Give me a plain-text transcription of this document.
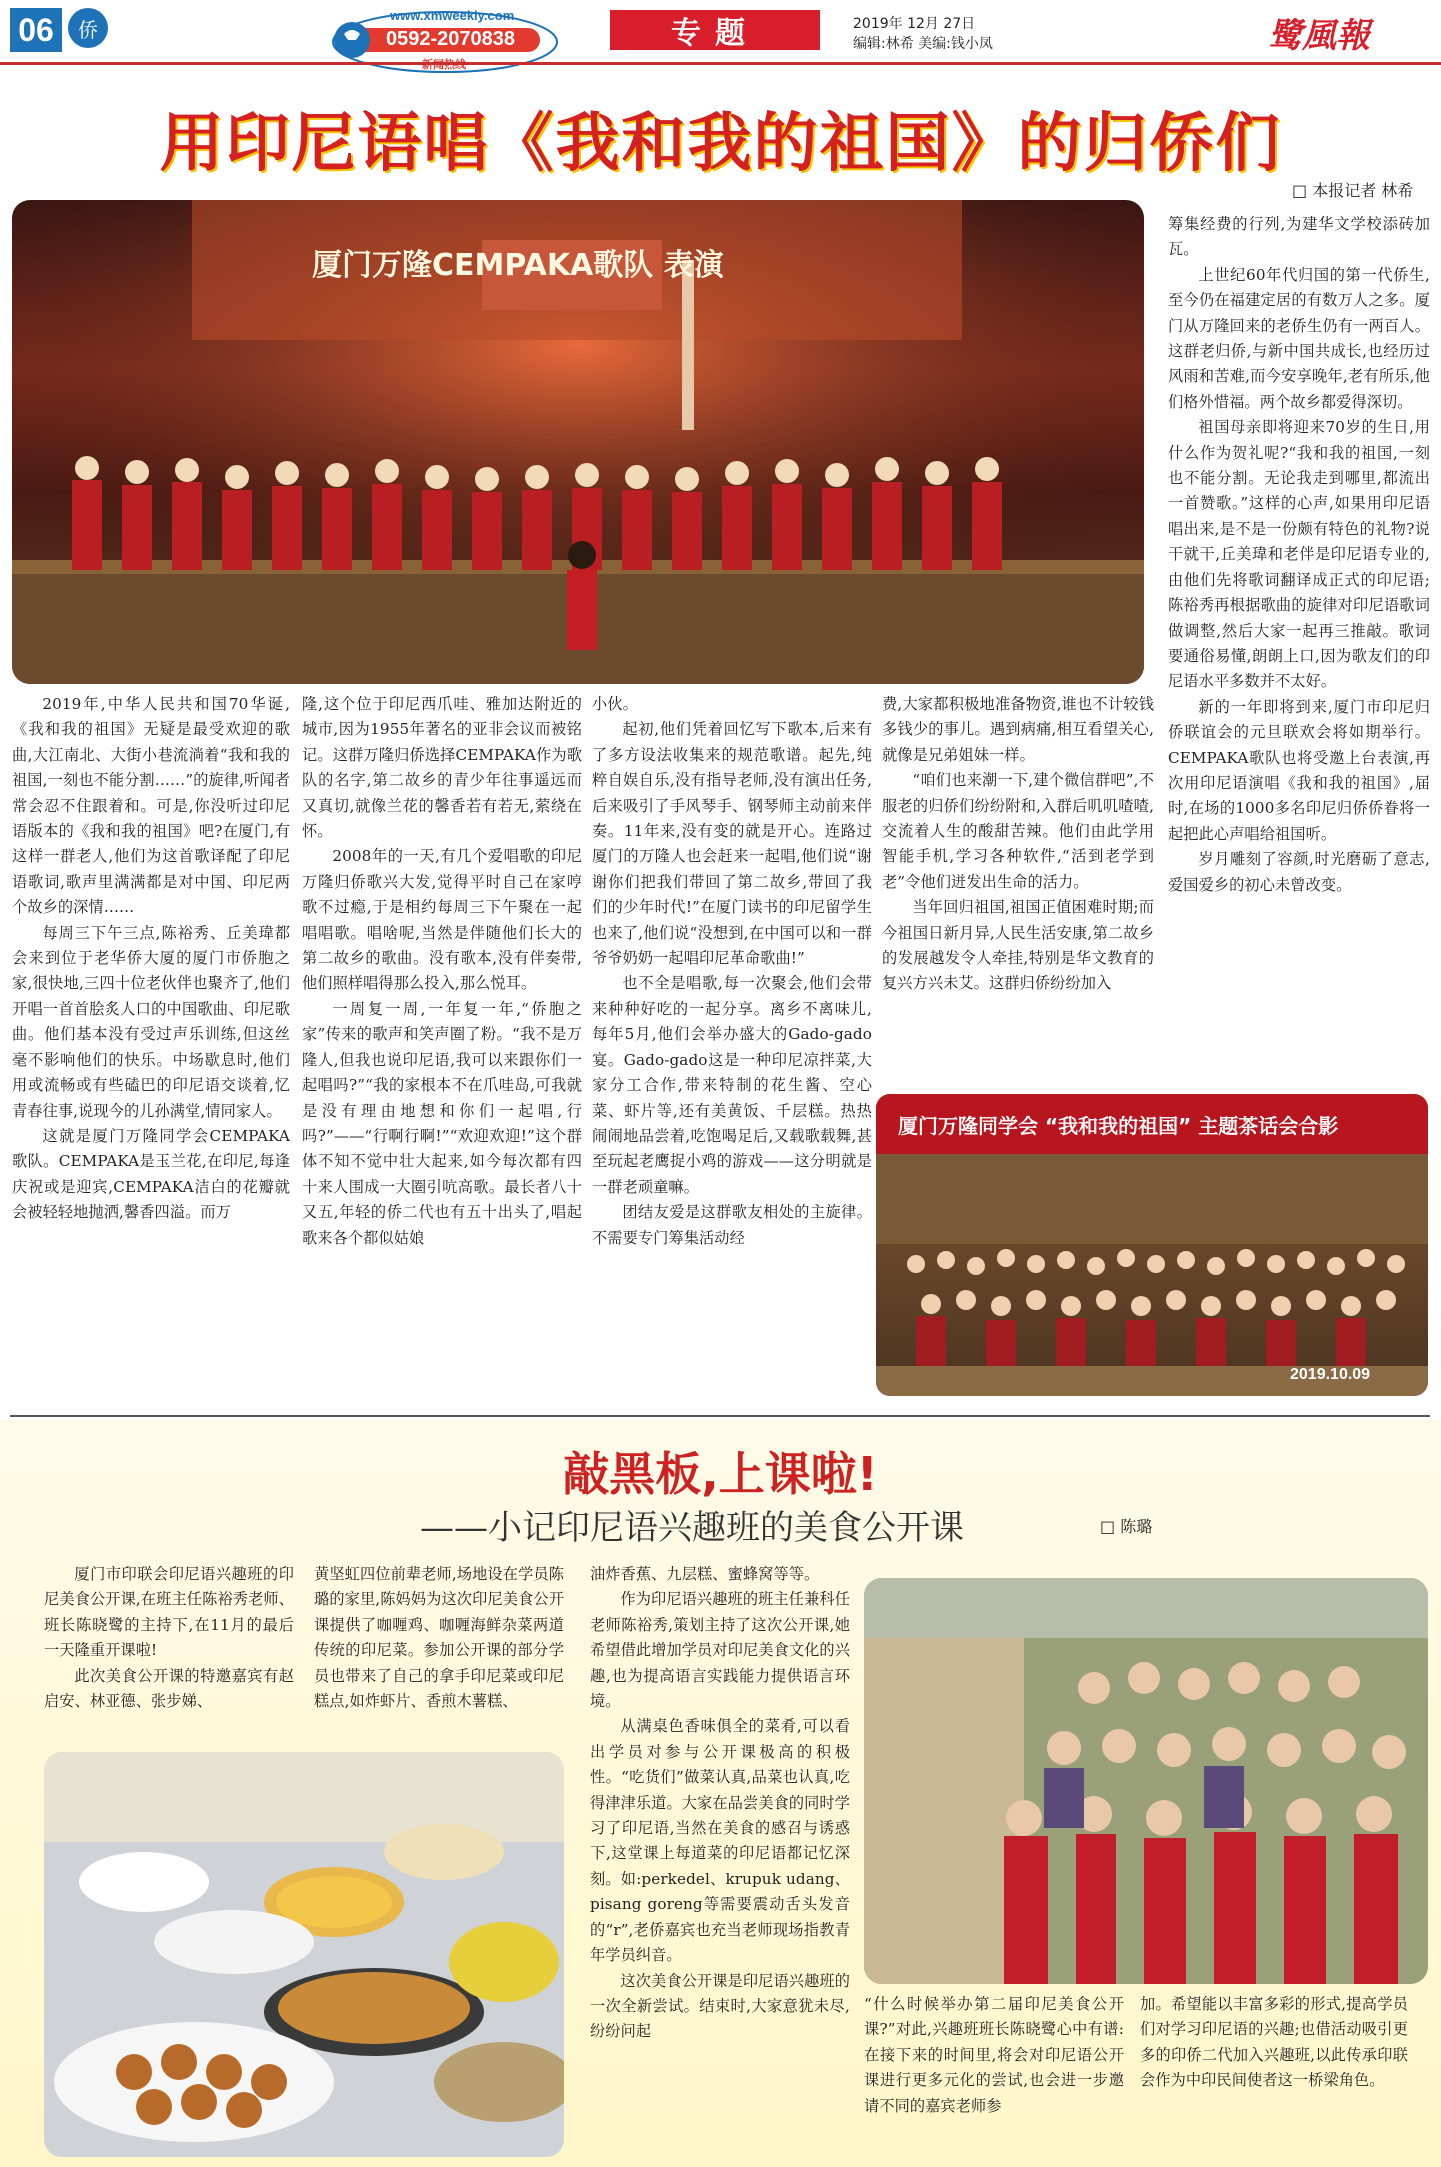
06	侨
www.xmweekly.com
0592-2070838	专题	2019年 12月 27日
编辑:林希 美编:钱小凤	鹭風報
用印尼语唱《我和我的祖国》的归侨们
□ 本报记者 林希
厦门万隆CEMPAKA歌队 表演

2019年,中华人民共和国70华诞,《我和我的祖国》无疑是最受欢迎的歌曲,大江南北、大街小巷流淌着“我和我的祖国,一刻也不能分割……”的旋律,听闻者常会忍不住跟着和。可是,你没听过印尼语版本的《我和我的祖国》吧?在厦门,有这样一群老人,他们为这首歌译配了印尼语歌词,歌声里满满都是对中国、印尼两个故乡的深情……

每周三下午三点,陈裕秀、丘美瑋都会来到位于老华侨大厦的厦门市侨胞之家,很快地,三四十位老伙伴也聚齐了,他们开唱一首首脍炙人口的中国歌曲、印尼歌曲。他们基本没有受过声乐训练,但这丝毫不影响他们的快乐。中场歇息时,他们用或流畅或有些磕巴的印尼语交谈着,忆青春往事,说现今的儿孙满堂,情同家人。

这就是厦门万隆同学会CEMPAKA歌队。CEMPAKA是玉兰花,在印尼,每逢庆祝或是迎宾,CEMPAKA洁白的花瓣就会被轻轻地抛洒,馨香四溢。而万

隆,这个位于印尼西爪哇、雅加达附近的城市,因为1955年著名的亚非会议而被铭记。这群万隆归侨选择CEMPAKA作为歌队的名字,第二故乡的青少年往事遥远而又真切,就像兰花的馨香若有若无,萦绕在怀。

2008年的一天,有几个爱唱歌的印尼万隆归侨歌兴大发,觉得平时自己在家哼歌不过瘾,于是相约每周三下午聚在一起唱唱歌。唱啥呢,当然是伴随他们长大的第二故乡的歌曲。没有歌本,没有伴奏带,他们照样唱得那么投入,那么悦耳。

一周复一周,一年复一年,“侨胞之家”传来的歌声和笑声圈了粉。“我不是万隆人,但我也说印尼语,我可以来跟你们一起唱吗?”“我的家根本不在爪哇岛,可我就是没有理由地想和你们一起唱,行吗?”——“行啊行啊!”“欢迎欢迎!”这个群体不知不觉中壮大起来,如今每次都有四十来人围成一大圈引吭高歌。最长者八十又五,年轻的侨二代也有五十出头了,唱起歌来各个都似姑娘

小伙。

起初,他们凭着回忆写下歌本,后来有了多方设法收集来的规范歌谱。起先,纯粹自娱自乐,没有指导老师,没有演出任务,后来吸引了手风琴手、钢琴师主动前来伴奏。11年来,没有变的就是开心。连路过厦门的万隆人也会赶来一起唱,他们说“谢谢你们把我们带回了第二故乡,带回了我们的少年时代!”在厦门读书的印尼留学生也来了,他们说“没想到,在中国可以和一群爷爷奶奶一起唱印尼革命歌曲!”

也不全是唱歌,每一次聚会,他们会带来种种好吃的一起分享。离乡不离味儿,每年5月,他们会举办盛大的Gado-gado宴。Gado-gado这是一种印尼凉拌菜,大家分工合作,带来特制的花生酱、空心菜、虾片等,还有美黄饭、千层糕。热热闹闹地品尝着,吃饱喝足后,又载歌载舞,甚至玩起老鹰捉小鸡的游戏——这分明就是一群老顽童嘛。

团结友爱是这群歌友相处的主旋律。不需要专门筹集活动经

费,大家都积极地准备物资,谁也不计较钱多钱少的事儿。遇到病痛,相互看望关心,就像是兄弟姐妹一样。

“咱们也来潮一下,建个微信群吧”,不服老的归侨们纷纷附和,入群后叽叽喳喳,交流着人生的酸甜苦辣。他们由此学用智能手机,学习各种软件,“活到老学到老”令他们迸发出生命的活力。

当年回归祖国,祖国正值困难时期;而今祖国日新月异,人民生活安康,第二故乡的发展越发令人牵挂,特别是华文教育的复兴方兴未艾。这群归侨纷纷加入

筹集经费的行列,为建华文学校添砖加瓦。

上世纪60年代归国的第一代侨生,至今仍在福建定居的有数万人之多。厦门从万隆回来的老侨生仍有一两百人。这群老归侨,与新中国共成长,也经历过风雨和苦难,而今安享晚年,老有所乐,他们格外惜福。两个故乡都爱得深切。

祖国母亲即将迎来70岁的生日,用什么作为贺礼呢?“我和我的祖国,一刻也不能分割。无论我走到哪里,都流出一首赞歌。”这样的心声,如果用印尼语唱出来,是不是一份颇有特色的礼物?说干就干,丘美瑋和老伴是印尼语专业的,由他们先将歌词翻译成正式的印尼语;陈裕秀再根据歌曲的旋律对印尼语歌词做调整,然后大家一起再三推敲。歌词要通俗易懂,朗朗上口,因为歌友们的印尼语水平多数并不太好。

新的一年即将到来,厦门市印尼归侨联谊会的元旦联欢会将如期举行。CEMPAKA歌队也将受邀上台表演,再次用印尼语演唱《我和我的祖国》,届时,在场的1000多名印尼归侨侨眷将一起把此心声唱给祖国听。

岁月雕刻了容颜,时光磨砺了意志,爱国爱乡的初心未曾改变。

厦门万隆同学会 “我和我的祖国” 主题茶话会合影
2019.10.09
敲黑板,上课啦!
——小记印尼语兴趣班的美食公开课	□ 陈璐

厦门市印联会印尼语兴趣班的印尼美食公开课,在班主任陈裕秀老师、班长陈晓鹭的主持下,在11月的最后一天隆重开课啦!

此次美食公开课的特邀嘉宾有赵启安、林亚德、张步娣、

黄坚虹四位前辈老师,场地设在学员陈璐的家里,陈妈妈为这次印尼美食公开课提供了咖喱鸡、咖喱海鲜杂菜两道传统的印尼菜。参加公开课的部分学员也带来了自己的拿手印尼菜或印尼糕点,如炸虾片、香煎木薯糕、

油炸香蕉、九层糕、蜜蜂窝等等。

作为印尼语兴趣班的班主任兼科任老师陈裕秀,策划主持了这次公开课,她希望借此增加学员对印尼美食文化的兴趣,也为提高语言实践能力提供语言环境。

从满桌色香味俱全的菜肴,可以看出学员对参与公开课极高的积极性。“吃货们”做菜认真,品菜也认真,吃得津津乐道。大家在品尝美食的同时学习了印尼语,当然在美食的感召与诱惑下,这堂课上每道菜的印尼语都记忆深刻。如:perkedel、krupuk udang、pisang goreng等需要震动舌头发音的“r”,老侨嘉宾也充当老师现场指教青年学员纠音。

这次美食公开课是印尼语兴趣班的一次全新尝试。结束时,大家意犹未尽,纷纷问起

“什么时候举办第二届印尼美食公开课?”对此,兴趣班班长陈晓鹭心中有谱:在接下来的时间里,将会对印尼语公开课进行更多元化的尝试,也会进一步邀请不同的嘉宾老师参

加。希望能以丰富多彩的形式,提高学员们对学习印尼语的兴趣;也借活动吸引更多的印侨二代加入兴趣班,以此传承印联会作为中印民间使者这一桥梁角色。
